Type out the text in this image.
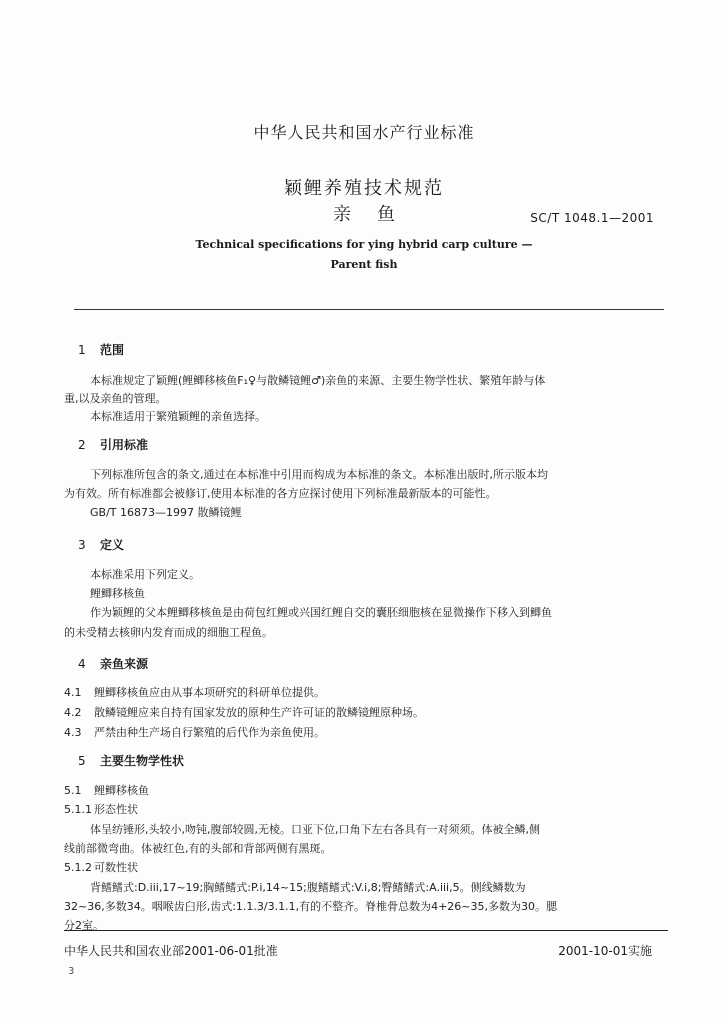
中华人民共和国水产行业标准
颖鲤养殖技术规范
亲鱼	SC/T 1048.1—2001
Technical specifications for ying hybrid carp culture —
Parent fish
1 范围
本标准规定了颖鲤(鲤鲫移核鱼F₁♀与散鳞镜鲤♂)亲鱼的来源、主要生物学性状、繁殖年龄与体
重,以及亲鱼的管理。
本标准适用于繁殖颖鲤的亲鱼选择。
2 引用标准
下列标准所包含的条文,通过在本标准中引用而构成为本标准的条文。本标准出版时,所示版本均
为有效。所有标准都会被修订,使用本标准的各方应探讨使用下列标准最新版本的可能性。
GB/T 16873—1997 散鳞镜鲤
3 定义
本标准采用下列定义。
鲤鲫移核鱼
作为颖鲤的父本鲤鲫移核鱼是由荷包红鲤或兴国红鲤自交的囊胚细胞核在显微操作下移入到鲫鱼
的未受精去核卵内发育而成的细胞工程鱼。
4 亲鱼来源
4.1 鲤鲫移核鱼应由从事本项研究的科研单位提供。
4.2 散鳞镜鲤应来自持有国家发放的原种生产许可证的散鳞镜鲤原种场。
4.3 严禁由种生产场自行繁殖的后代作为亲鱼使用。
5 主要生物学性状
5.1 鲤鲫移核鱼
5.1.1 形态性状
体呈纺锤形,头较小,吻钝,腹部较圆,无棱。口亚下位,口角下左右各具有一对须须。体被全鳞,侧
线前部微弯曲。体被红色,有的头部和背部两侧有黑斑。
5.1.2 可数性状
背鳍鳍式:D.iii,17~19;胸鳍鳍式:P.i,14~15;腹鳍鳍式:V.i,8;臀鳍鳍式:A.iii,5。侧线鳞数为
32~36,多数34。咽喉齿臼形,齿式:1.1.3/3.1.1,有的不整齐。脊椎骨总数为4+26~35,多数为30。腮
分2室。
中华人民共和国农业部2001-06-01批准	2001-10-01实施
3
